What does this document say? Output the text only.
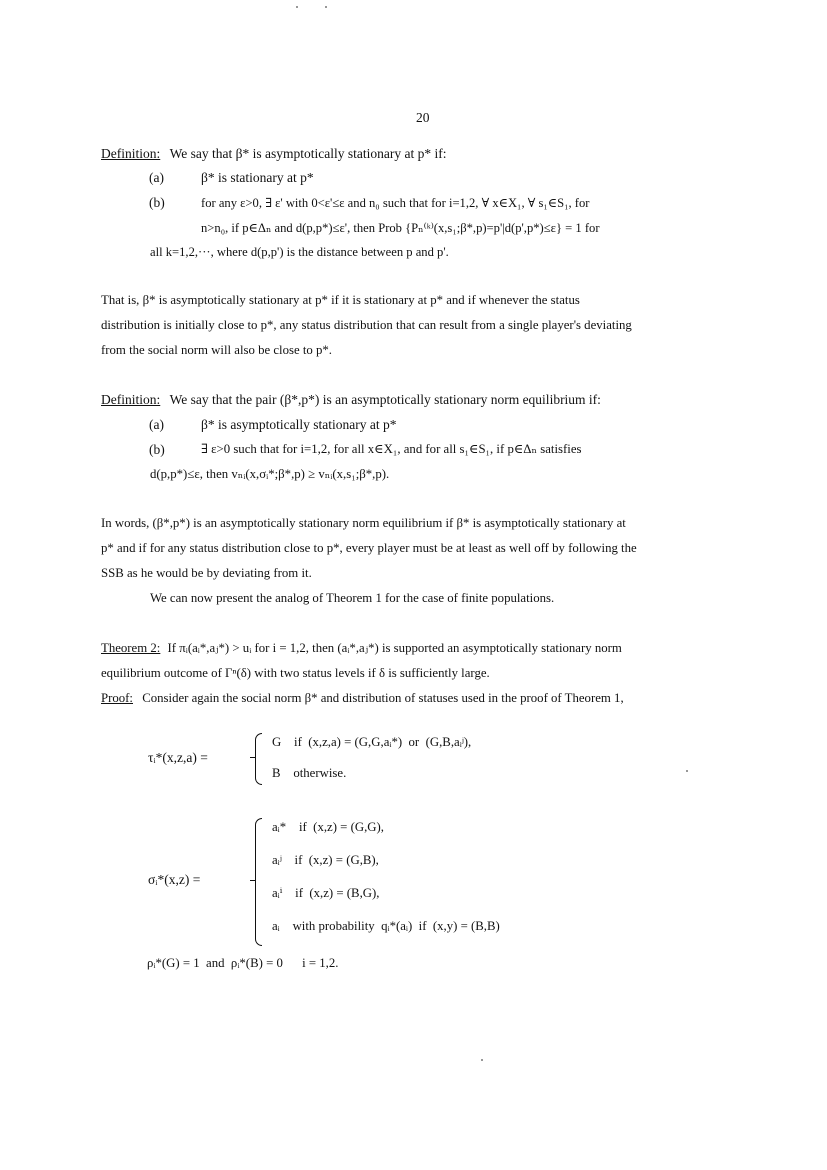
20
Definition: We say that β* is asymptotically stationary at p* if:
(a)	β* is stationary at p*
(b)	for any ε>0, ∃ ε' with 0<ε'≤ε and n₀ such that for i=1,2, ∀ x∈X₁, ∀ s₁∈S₁, for
n>n₀, if p∈Δₙ and d(p,p*)≤ε', then Prob {Pₙ⁽ᵏ⁾(x,s₁;β*,p)=p'|d(p',p*)≤ε} = 1 for
all k=1,2,···, where d(p,p') is the distance between p and p'.
That is, β* is asymptotically stationary at p* if it is stationary at p* and if whenever the status
distribution is initially close to p*, any status distribution that can result from a single player's deviating
from the social norm will also be close to p*.
Definition: We say that the pair (β*,p*) is an asymptotically stationary norm equilibrium if:
(a)	β* is asymptotically stationary at p*
(b)	∃ ε>0 such that for i=1,2, for all x∈X₁, and for all s₁∈S₁, if p∈Δₙ satisfies
d(p,p*)≤ε, then vₙᵢ(x,σᵢ*;β*,p) ≥ vₙᵢ(x,s₁;β*,p).
In words, (β*,p*) is an asymptotically stationary norm equilibrium if β* is asymptotically stationary at
p* and if for any status distribution close to p*, every player must be at least as well off by following the
SSB as he would be by deviating from it.
We can now present the analog of Theorem 1 for the case of finite populations.
Theorem 2: If πᵢ(aᵢ*,aⱼ*) > uᵢ for i = 1,2, then (aᵢ*,aⱼ*) is supported an asymptotically stationary norm
equilibrium outcome of Γⁿ(δ) with two status levels if δ is sufficiently large.
Proof: Consider again the social norm β* and distribution of statuses used in the proof of Theorem 1,
τᵢ*(x,z,a) =
G    if  (x,z,a) = (G,G,aᵢ*)  or  (G,B,aᵢʲ),
B    otherwise.
σᵢ*(x,z) =
aᵢ*    if  (x,z) = (G,G),
aᵢʲ    if  (x,z) = (G,B),
aᵢⁱ    if  (x,z) = (B,G),
aᵢ    with probability  qᵢ*(aᵢ)  if  (x,y) = (B,B)
ρᵢ*(G) = 1  and  ρᵢ*(B) = 0      i = 1,2.
